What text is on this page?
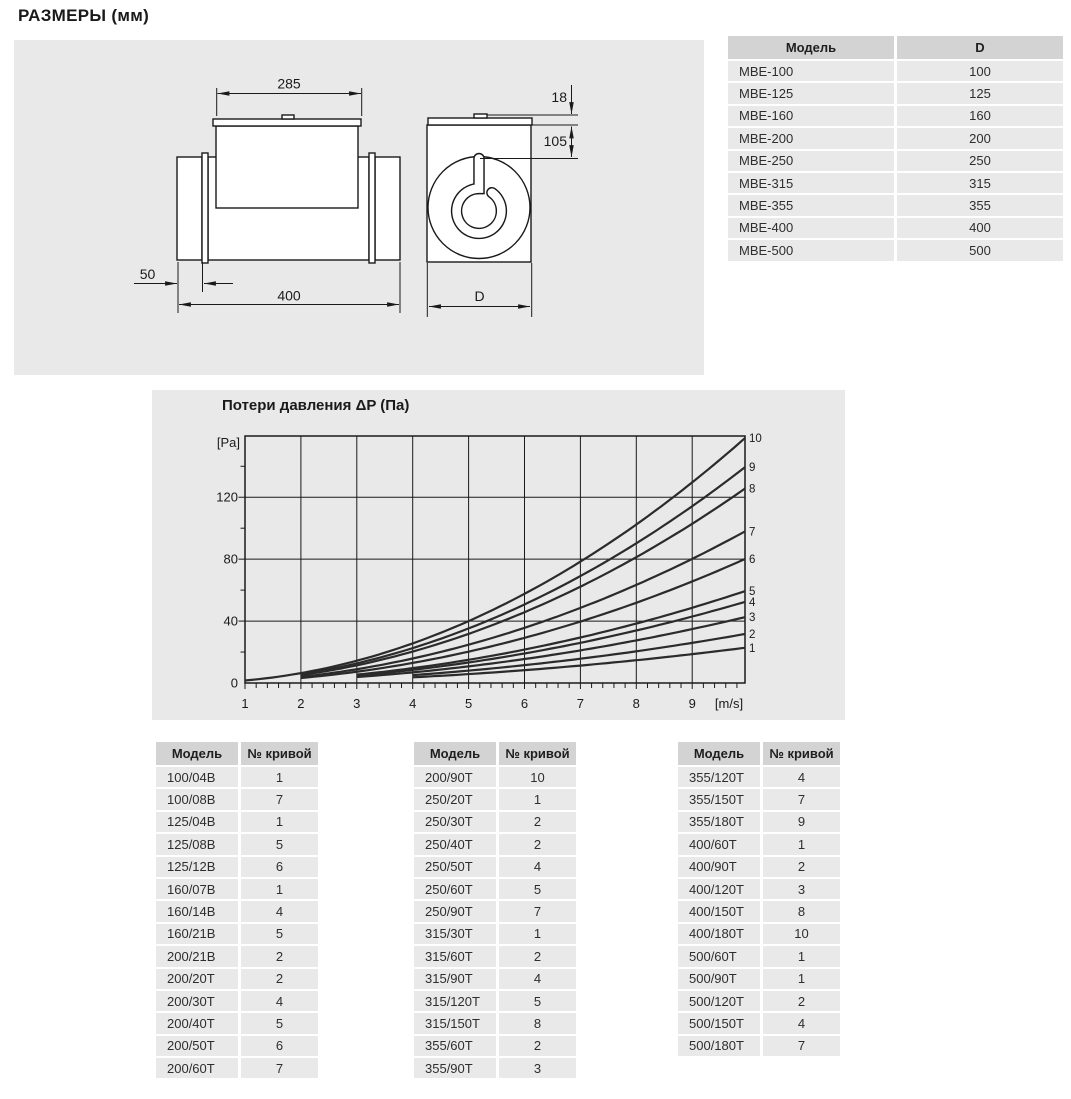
РАЗМЕРЫ (мм)
285
400
50
D
18
105
Модель	D
МВЕ-100	100
МВЕ-125	125
МВЕ-160	160
МВЕ-200	200
МВЕ-250	250
МВЕ-315	315
МВЕ-355	355
МВЕ-400	400
МВЕ-500	500
Потери давления ΔP (Па)
1	2	3	4	5	6	7	8	9
0
40
80
120
1
2
3
4
5
6
7
8
9
10
[Pa]
[m/s]
Модель	№ кривой
100/04В	1
100/08В	7
125/04В	1
125/08В	5
125/12В	6
160/07В	1
160/14В	4
160/21В	5
200/21В	2
200/20Т	2
200/30Т	4
200/40Т	5
200/50Т	6
200/60Т	7
Модель	№ кривой
200/90Т	10
250/20Т	1
250/30Т	2
250/40Т	2
250/50Т	4
250/60Т	5
250/90Т	7
315/30Т	1
315/60Т	2
315/90Т	4
315/120Т	5
315/150Т	8
355/60Т	2
355/90Т	3
Модель	№ кривой
355/120Т	4
355/150Т	7
355/180Т	9
400/60Т	1
400/90Т	2
400/120Т	3
400/150Т	8
400/180Т	10
500/60Т	1
500/90Т	1
500/120Т	2
500/150Т	4
500/180Т	7
